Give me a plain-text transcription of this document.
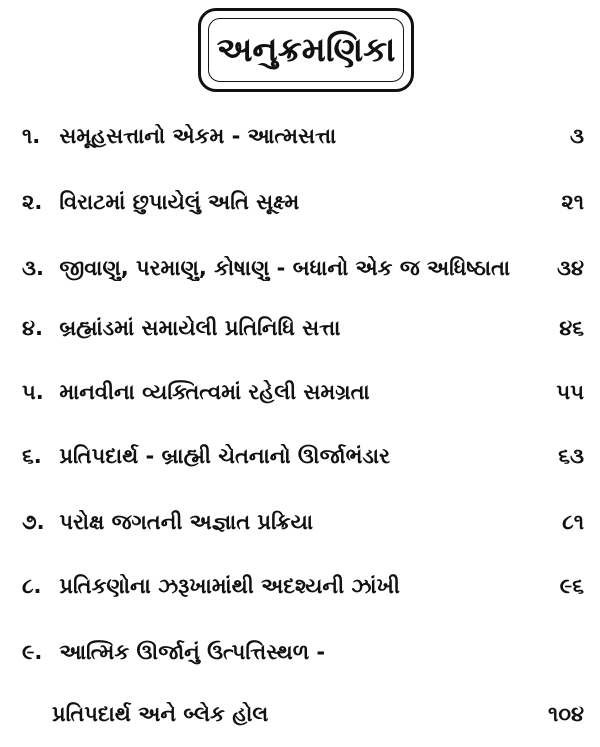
અનુક્રમણિકા
૧.
સમૂહસત્તાનો એકમ - આત્મસત્તા	૩
૨.
વિરાટમાં છુપાયેલું અતિ સૂક્ષ્મ	૨૧
૩.
જીવાણુ, પરમાણુ, કોષાણુ - બધાનો એક જ અધિષ્ઠાતા	૩૪
૪.
બ્રહ્માંડમાં સમાયેલી પ્રતિનિધિ સત્તા	૪૬
૫.
માનવીના વ્યક્તિત્વમાં રહેલી સમગ્રતા	૫૫
૬.
પ્રતિપદાર્થ - બ્રાહ્મી ચેતનાનો ઊર્જાભંડાર	૬૩
૭.
પરોક્ષ જગતની અજ્ઞાત પ્રક્રિયા	૮૧
૮.
પ્રતિકણોના ઝરૂખામાંથી અદશ્યની ઝાંખી	૯૬
૯.
આત્મિક ઊર્જાનું ઉત્પત્તિસ્થળ -
પ્રતિપદાર્થ અને બ્લેક હોલ	૧૦૪
